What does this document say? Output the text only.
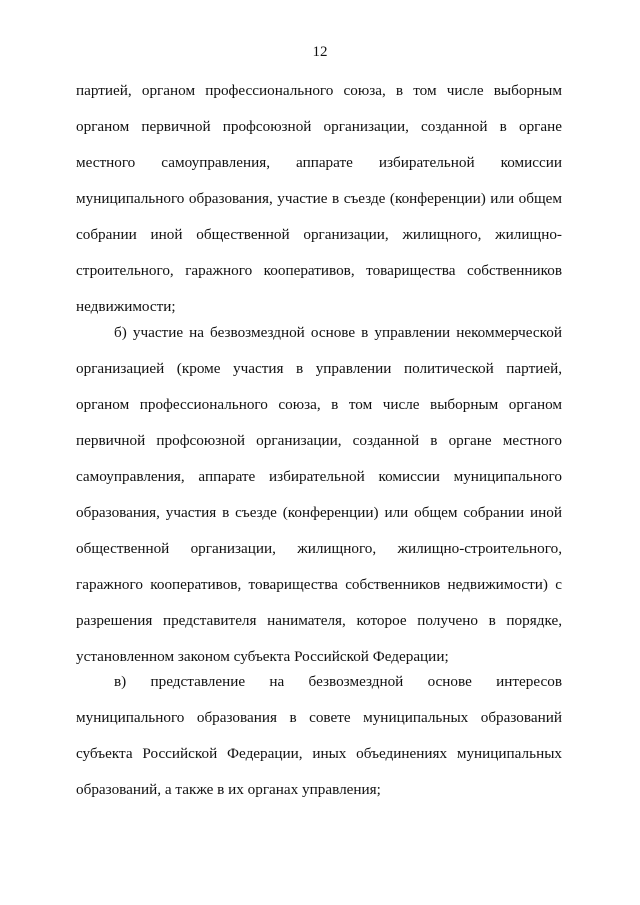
12
партией, органом профессионального союза, в том числе выборным
органом первичной профсоюзной организации, созданной в органе
местного самоуправления, аппарате избирательной комиссии
муниципального образования, участие в съезде (конференции) или общем
собрании иной общественной организации, жилищного, жилищно-
строительного, гаражного кооперативов, товарищества собственников
недвижимости;
б) участие на безвозмездной основе в управлении некоммерческой
организацией (кроме участия в управлении политической партией,
органом профессионального союза, в том числе выборным органом
первичной профсоюзной организации, созданной в органе местного
самоуправления, аппарате избирательной комиссии муниципального
образования, участия в съезде (конференции) или общем собрании иной
общественной организации, жилищного, жилищно-строительного,
гаражного кооперативов, товарищества собственников недвижимости) с
разрешения представителя нанимателя, которое получено в порядке,
установленном законом субъекта Российской Федерации;
в) представление на безвозмездной основе интересов
муниципального образования в совете муниципальных образований
субъекта Российской Федерации, иных объединениях муниципальных
образований, а также в их органах управления;
